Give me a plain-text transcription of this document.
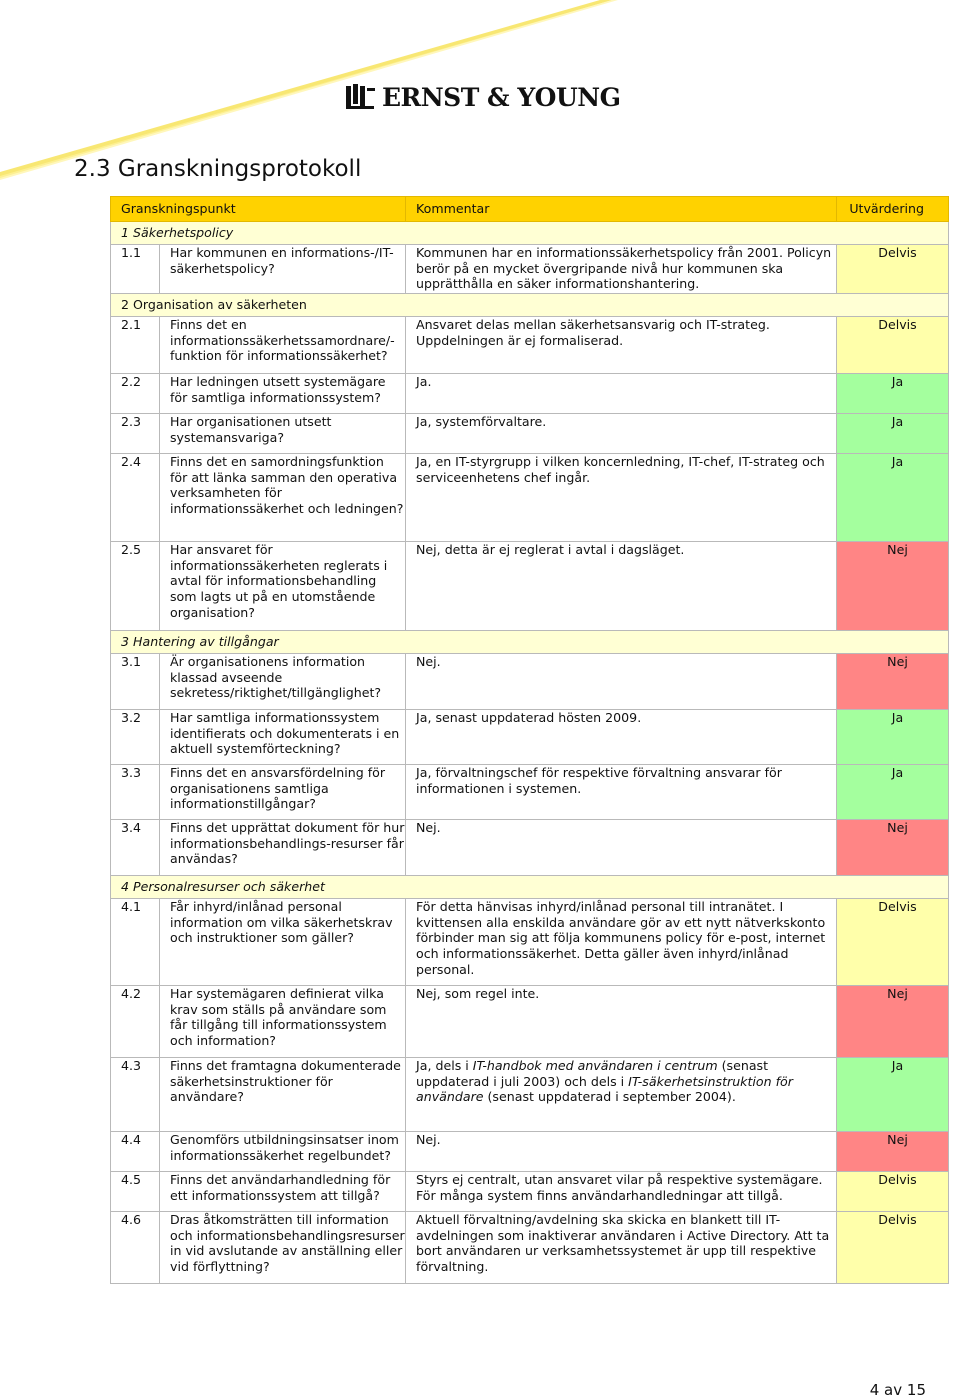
ERNST & YOUNG
2.3 Granskningsprotokoll
Granskningspunkt		Kommentar	Utvärdering
1 Säkerhetspolicy			
1.1	Har kommunen en informations-/IT-säkerhetspolicy?	Kommunen har en informationssäkerhetspolicy från 2001. Policyn berör på en mycket övergripande nivå hur kommunen ska upprätthålla en säker informationshantering.	Delvis
2 Organisation av säkerheten			
2.1	Finns det en informationssäkerhetssamordnare/-funktion för informationssäkerhet?	Ansvaret delas mellan säkerhetsansvarig och IT-strateg. Uppdelningen är ej formaliserad.	Delvis
2.2	Har ledningen utsett systemägare för samtliga informationssystem?	Ja.	Ja
2.3	Har organisationen utsett systemansvariga?	Ja, systemförvaltare.	Ja
2.4	Finns det en samordningsfunktion för att länka samman den operativa verksamheten för informationssäkerhet och ledningen?	Ja, en IT-styrgrupp i vilken koncernledning, IT-chef, IT-strateg och serviceenhetens chef ingår.	Ja
2.5	Har ansvaret för informationssäkerheten reglerats i avtal för informationsbehandling som lagts ut på en utomstående organisation?	Nej, detta är ej reglerat i avtal i dagsläget.	Nej
3 Hantering av tillgångar			
3.1	Är organisationens information klassad avseende sekretess/riktighet/tillgänglighet?	Nej.	Nej
3.2	Har samtliga informationssystem identifierats och dokumenterats i en aktuell systemförteckning?	Ja, senast uppdaterad hösten 2009.	Ja
3.3	Finns det en ansvarsfördelning för organisationens samtliga informationstillgångar?	Ja, förvaltningschef för respektive förvaltning ansvarar för informationen i systemen.	Ja
3.4	Finns det upprättat dokument för hur informationsbehandlings-resurser får användas?	Nej.	Nej
4 Personalresurser och säkerhet			
4.1	Får inhyrd/inlånad personal information om vilka säkerhetskrav och instruktioner som gäller?	För detta hänvisas inhyrd/inlånad personal till intranätet. I kvittensen alla enskilda användare gör av ett nytt nätverkskonto förbinder man sig att följa kommunens policy för e-post, internet och informationssäkerhet. Detta gäller även inhyrd/inlånad personal.	Delvis
4.2	Har systemägaren definierat vilka krav som ställs på användare som får tillgång till informationssystem och information?	Nej, som regel inte.	Nej
4.3	Finns det framtagna dokumenterade säkerhetsinstruktioner för användare?	Ja, dels i IT-handbok med användaren i centrum (senast uppdaterad i juli 2003) och dels i IT-säkerhetsinstruktion för användare (senast uppdaterad i september 2004).	Ja
4.4	Genomförs utbildningsinsatser inom informationssäkerhet regelbundet?	Nej.	Nej
4.5	Finns det användarhandledning för ett informationssystem att tillgå?	Styrs ej centralt, utan ansvaret vilar på respektive systemägare. För många system finns användarhandledningar att tillgå.	Delvis
4.6	Dras åtkomsträtten till information och informationsbehandlingsresurser in vid avslutande av anställning eller vid förflyttning?	Aktuell förvaltning/avdelning ska skicka en blankett till IT-avdelningen som inaktiverar användaren i Active Directory. Att ta bort användaren ur verksamhetssystemet är upp till respektive förvaltning.	Delvis
4 av 15
